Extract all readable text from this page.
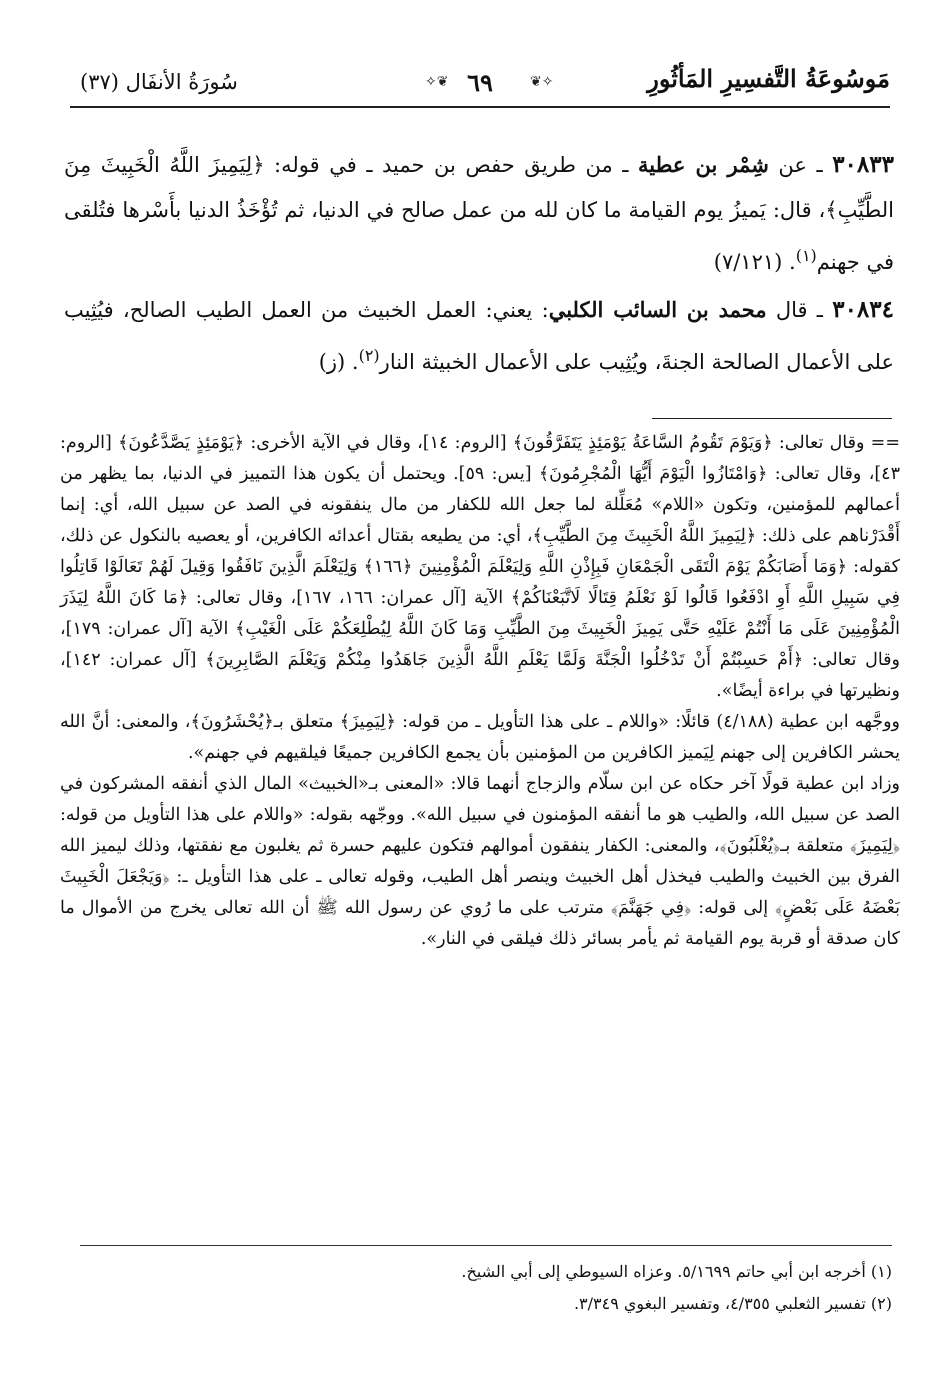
سُورَةُ الأنفَال (٣٧)	✧❦ ٦٩	❦✧	مَوسُوعَةُ التَّفسِيرِ المَأثُورِ

٣٠٨٣٣ ـ عن شِمْر بن عطية ـ من طريق حفص بن حميد ـ في قوله: ﴿لِيَمِيزَ اللَّهُ الْخَبِيثَ مِنَ الطَّيِّبِ﴾، قال: يَميزُ يوم القيامة ما كان لله من عمل صالح في الدنيا، ثم تُؤْخَذُ الدنيا بأَسْرها فتُلقى في جهنم$^{(١)}$. (٧/١٢١)

٣٠٨٣٤ ـ قال محمد بن السائب الكلبي: يعني: العمل الخبيث من العمل الطيب الصالح، فيُثِيب على الأعمال الصالحة الجنةَ، ويُثِيب على الأعمال الخبيثة النار$^{(٢)}$. (ز)

== وقال تعالى: ﴿وَيَوْمَ تَقُومُ السَّاعَةُ يَوْمَئِذٍ يَتَفَرَّقُونَ﴾ [الروم: ١٤]، وقال في الآية الأخرى: ﴿يَوْمَئِذٍ يَصَّدَّعُونَ﴾ [الروم: ٤٣]، وقال تعالى: ﴿وَامْتَازُوا الْيَوْمَ أَيُّهَا الْمُجْرِمُونَ﴾ [يس: ٥٩]. ويحتمل أن يكون هذا التمييز في الدنيا، بما يظهر من أعمالهم للمؤمنين، وتكون «اللام» مُعَلِّلة لما جعل الله للكفار من مال ينفقونه في الصد عن سبيل الله، أي: إنما أَقْدَرْناهم على ذلك: ﴿لِيَمِيزَ اللَّهُ الْخَبِيثَ مِنَ الطَّيِّبِ﴾، أي: من يطيعه بقتال أعدائه الكافرين، أو يعصيه بالنكول عن ذلك، كقوله: ﴿وَمَا أَصَابَكُمْ يَوْمَ الْتَقَى الْجَمْعَانِ فَبِإِذْنِ اللَّهِ وَلِيَعْلَمَ الْمُؤْمِنِينَ ﴿١٦٦﴾ وَلِيَعْلَمَ الَّذِينَ نَافَقُوا وَقِيلَ لَهُمْ تَعَالَوْا قَاتِلُوا فِي سَبِيلِ اللَّهِ أَوِ ادْفَعُوا قَالُوا لَوْ نَعْلَمُ قِتَالًا لَاتَّبَعْنَاكُمْ﴾ الآية [آل عمران: ١٦٦، ١٦٧]، وقال تعالى: ﴿مَا كَانَ اللَّهُ لِيَذَرَ الْمُؤْمِنِينَ عَلَى مَا أَنْتُمْ عَلَيْهِ حَتَّى يَمِيزَ الْخَبِيثَ مِنَ الطَّيِّبِ وَمَا كَانَ اللَّهُ لِيُطْلِعَكُمْ عَلَى الْغَيْبِ﴾ الآية [آل عمران: ١٧٩]، وقال تعالى: ﴿أَمْ حَسِبْتُمْ أَنْ تَدْخُلُوا الْجَنَّةَ وَلَمَّا يَعْلَمِ اللَّهُ الَّذِينَ جَاهَدُوا مِنْكُمْ وَيَعْلَمَ الصَّابِرِينَ﴾ [آل عمران: ١٤٢]، ونظيرتها في براءة أيضًا».

ووجَّهه ابن عطية (٤/١٨٨) قائلًا: «واللام ـ على هذا التأويل ـ من قوله: ﴿لِيَمِيزَ﴾ متعلق بـ﴿يُحْشَرُونَ﴾، والمعنى: أنَّ الله يحشر الكافرين إلى جهنم لِيَميز الكافرين من المؤمنين بأن يجمع الكافرين جميعًا فيلقيهم في جهنم».

وزاد ابن عطية قولًا آخر حكاه عن ابن سلّام والزجاج أنهما قالا: «المعنى بـ«الخبيث» المال الذي أنفقه المشركون في الصد عن سبيل الله، والطيب هو ما أنفقه المؤمنون في سبيل الله». ووجّهه بقوله: «واللام على هذا التأويل من قوله: ﴿لِيَمِيزَ﴾ متعلقة بـ﴿يُغْلَبُونَ﴾، والمعنى: الكفار ينفقون أموالهم فتكون عليهم حسرة ثم يغلبون مع نفقتها، وذلك ليميز الله الفرق بين الخبيث والطيب فيخذل أهل الخبيث وينصر أهل الطيب، وقوله تعالى ـ على هذا التأويل ـ: ﴿وَيَجْعَلَ الْخَبِيثَ بَعْضَهُ عَلَى بَعْضٍ﴾ إلى قوله: ﴿فِي جَهَنَّمَ﴾ مترتب على ما رُوي عن رسول الله ﷺ أن الله تعالى يخرج من الأموال ما كان صدقة أو قربة يوم القيامة ثم يأمر بسائر ذلك فيلقى في النار».

(١) أخرجه ابن أبي حاتم ٥/١٦٩٩. وعزاه السيوطي إلى أبي الشيخ.

(٢) تفسير الثعلبي ٤/٣٥٥، وتفسير البغوي ٣/٣٤٩.
